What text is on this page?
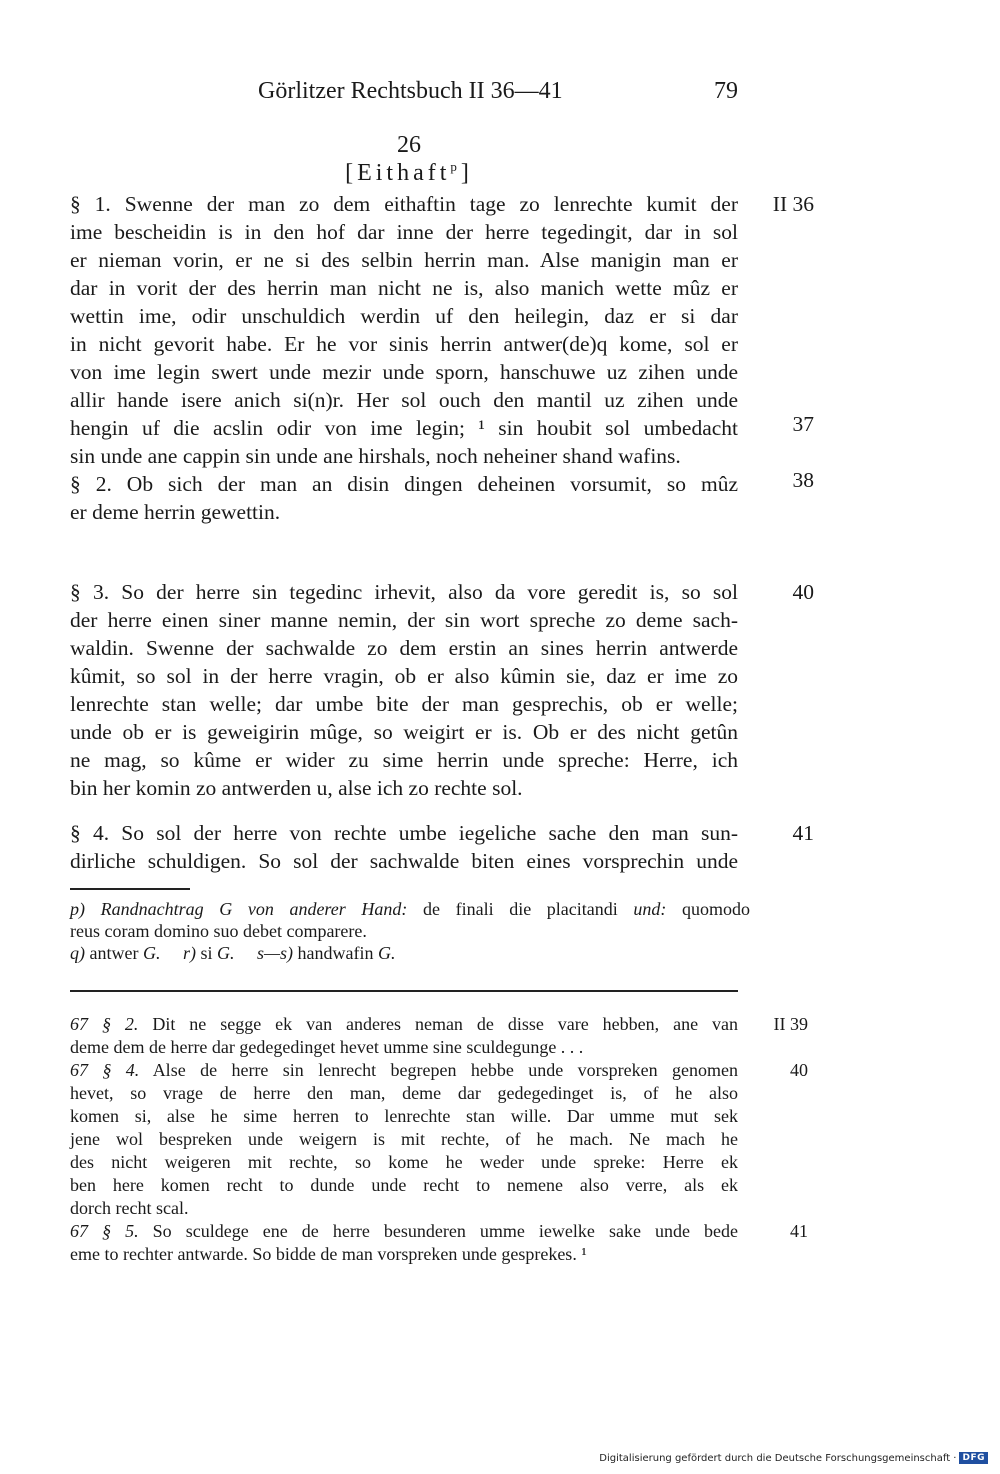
Görlitzer Rechtsbuch II 36—41	79
26
[Eithaft$^p$]
§ 1. Swenne der man zo dem eithaftin tage zo lenrechte kumit der
ime bescheidin is in den hof dar inne der herre tegedingit, dar in sol
er nieman vorin, er ne si des selbin herrin man. Alse manigin man er
dar in vorit der des herrin man nicht ne is, also manich wette mûz er
wettin ime, odir unschuldich werdin uf den heilegin, daz er si dar
in nicht gevorit habe. Er he vor sinis herrin antwer(de)q kome, sol er
von ime legin swert unde mezir unde sporn, hanschuwe uz zihen unde
allir hande isere anich si(n)r. Her sol ouch den mantil uz zihen unde
hengin uf die acslin odir von ime legin; ¹ sin houbit sol umbedacht
sin unde ane cappin sin unde ane hirshals, noch neheiner shand wafins.
§ 2. Ob sich der man an disin dingen deheinen vorsumit, so mûz
er deme herrin gewettin.
§ 3. So der herre sin tegedinc irhevit, also da vore geredit is, so sol
der herre einen siner manne nemin, der sin wort spreche zo deme sach-
waldin. Swenne der sachwalde zo dem erstin an sines herrin antwerde
kûmit, so sol in der herre vragin, ob er also kûmin sie, daz er ime zo
lenrechte stan welle; dar umbe bite der man gesprechis, ob er welle;
unde ob er is geweigirin mûge, so weigirt er is. Ob er des nicht getûn
ne mag, so kûme er wider zu sime herrin unde spreche: Herre, ich
bin her komin zo antwerden u, alse ich zo rechte sol.
§ 4. So sol der herre von rechte umbe iegeliche sache den man sun-
dirliche schuldigen. So sol der sachwalde biten eines vorsprechin unde
II 36
37
38
40
41
p) Randnachtrag G von anderer Hand: de finali die placitandi und: quomodo
reus coram domino suo debet comparere.
q) antwer G. r) si G. s—s) handwafin G.
67 § 2. Dit ne segge ek van anderes neman de disse vare hebben, ane van
deme dem de herre dar gedegedinget hevet umme sine sculdegunge . . .
67 § 4. Alse de herre sin lenrecht begrepen hebbe unde vorspreken genomen
hevet, so vrage de herre den man, deme dar gedegedinget is, of he also
komen si, alse he sime herren to lenrechte stan wille. Dar umme mut sek
jene wol bespreken unde weigern is mit rechte, of he mach. Ne mach he
des nicht weigeren mit rechte, so kome he weder unde spreke: Herre ek
ben here komen recht to dunde unde recht to nemene also verre, als ek
dorch recht scal.
67 § 5. So sculdege ene de herre besunderen umme iewelke sake unde bede
eme to rechter antwarde. So bidde de man vorspreken unde gesprekes. ¹
II 39
40
41
Digitalisierung gefördert durch die Deutsche Forschungsgemeinschaft · DFG
